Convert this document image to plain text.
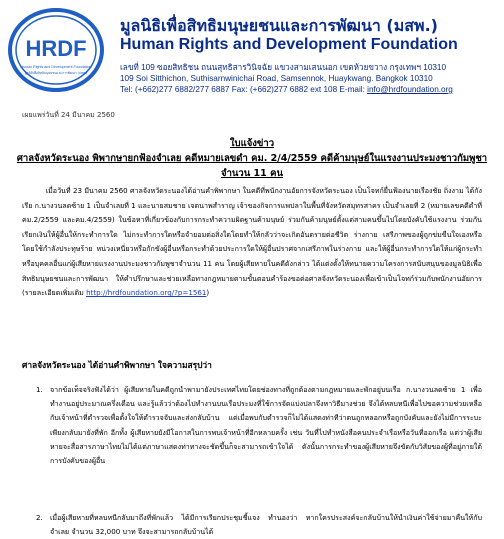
HRDF
Human Rights and Development Foundation
มูลนิธิเพื่อสิทธิมนุษยชนและการพัฒนา (มสพ.)
มูลนิธิเพื่อสิทธิมนุษยชนและการพัฒนา (มสพ.)
Human Rights and Development Foundation
เลขที่ 109 ซอยสิทธิชน ถนนสุทธิสารวินิจฉัย แขวงสามเสนนอก เขตห้วยขวาง กรุงเทพฯ 10310
109 Soi Sitthichon, Suthisarnwinichai Road, Samsennok, Huaykwang. Bangkok 10310
Tel: (+662)277 6882/277 6887 Fax: (+662)277 6882 ext 108 E-mail: info@hrdfoundation.org
เผยแพร่วันที่ 24 มีนาคม 2560
ใบแจ้งข่าว
ศาลจังหวัดระนอง พิพากษายกฟ้องจำเลย คดีหมายเลขดำ คม. 2/4/2559 คดีค้ามนุษย์ในแรงงานประมงชาวกัมพูชา
จำนวน 11 คน
เมื่อวันที่ 23 มีนาคม 2560 ศาลจังหวัดระนองได้อ่านคำพิพากษา ในคดีที่พนักงานอัยการจังหวัดระนอง เป็นโจทก์ยื่นฟ้องนายเรืองชัย ถิ่งงาม ได้กังเรีย ก.นางวนลดซ้าย 1 เป็นจำเลยที่ 1 และนายสมชาย เจตนาพสำราญ เจ้าของกิจการแพปลาในพื้นที่จังหวัดสมุทรสาคร เป็นจำเลยที่ 2 (หมายเลขคดีดำที่ คม.2/2559 และคม.4/2559) ในข้อหาที่เกี่ยวข้องกับการกระทำความผิดฐานค้ามนุษย์ ร่วมกันค้ามนุษย์ตั้งแต่สามคนขึ้นไปโดยบังคับใช้แรงงาน ร่วมกันเรียกเงินให้ผู้อื่นให้กระทำการใด ไม่กระทำการใดหรือจำยอมต่อสิ่งใดโดยทำให้กลัวว่าจะเกิดอันตรายต่อชีวิต ร่างกาย เสรีภาพของผู้ถูกข่มขืนใจเองหรือโดยใช้กำลังประทุษร้าย หน่วงเหนี่ยวหรือกักขังผู้อื่นหรือกระทำด้วยประการใดให้ผู้อื่นปราศจากเสรีภาพในร่างกาย และให้ผู้อื่นกระทำการใดให้แก่ผู้กระทำหรือบุคคลอื่นแก่ผู้เสียหายแรงงานประมงชาวกัมพูชาจำนวน 11 คน โดยผู้เสียหายในคดีดังกล่าว ได้แต่งตั้งให้ทนายความโครงการสนับสนุนของมูลนิธิเพื่อสิทธิมนุษยชนและการพัฒนา ให้คำปรึกษาและช่วยเหลือทางกฎหมายตามขั้นตอนคำร้องขอต่อศาลจังหวัดระนองเพื่อเข้าเป็นโจทก์ร่วมกับพนักงานอัยการ (รายละเอียดเพิ่มเติม http://hrdfoundation.org/?p=1561)
ศาลจังหวัดระนอง ได้อ่านคำพิพากษา ใจความสรุปว่า
1. จากข้อเท็จจริงฟังได้ว่า ผู้เสียหายในคดีถูกนำพามายังประเทศไทยโดยช่องทางที่ถูกต้องตามกฎหมายและพักอยู่บนเรือ ก.นางวนลดซ้าย 1 เพื่อทำงานอยู่ประมาณครึ่งเดือน และรู้แล้วว่าต้องไปทำงานบนเรือประมงที่ใช้การจัดแบ่งปลาจึงหาวิธีมางช่วย จึงได้หลบหนีเพื่อไปขอความช่วยเหลือกับเจ้าหน้าที่ตำรวจเพื่อตั้งใจให้ตำรวจจับและส่งกลับบ้าน แต่เมื่อพบกับตำรวจก็ไม่ได้แสดงท่าทีว่าตนถูกหลอกหรือถูกบังคับและยังไม่มีการระบะเพียงกลับมายังที่พัก อีกทั้ง ผู้เสียหายยังมีโอกาสในการพบเจ้าหน้าที่อีกหลายครั้ง เช่น วันที่ไปทำหนังสือคนประจำเรือหรือวันที่ออกเรือ แต่ว่าผู้เสียหายจะสื่อสารภาษาไทยไม่ได้แต่ภาษาแสดงท่าทางจะชัดขึ้นก็จะสามารถเข้าใจได้ ดังนั้นการกระทำของผู้เสียหายจึงขัดกับวิสัยของผู้ที่อยู่ภายใต้การบังคับของผู้อื่น
2. เมื่อผู้เสียหายที่หลบหนีกลับมาถึงที่พักแล้ว ได้มีการเรียกประชุมชี้แจง ทำนองว่า หากใครประสงค์จะกลับบ้านให้นำเงินค่าใช้จ่ายมาคืนให้กับจำเลย จำนวน 32,000 บาท จึงจะสามารถกลับบ้านได้
